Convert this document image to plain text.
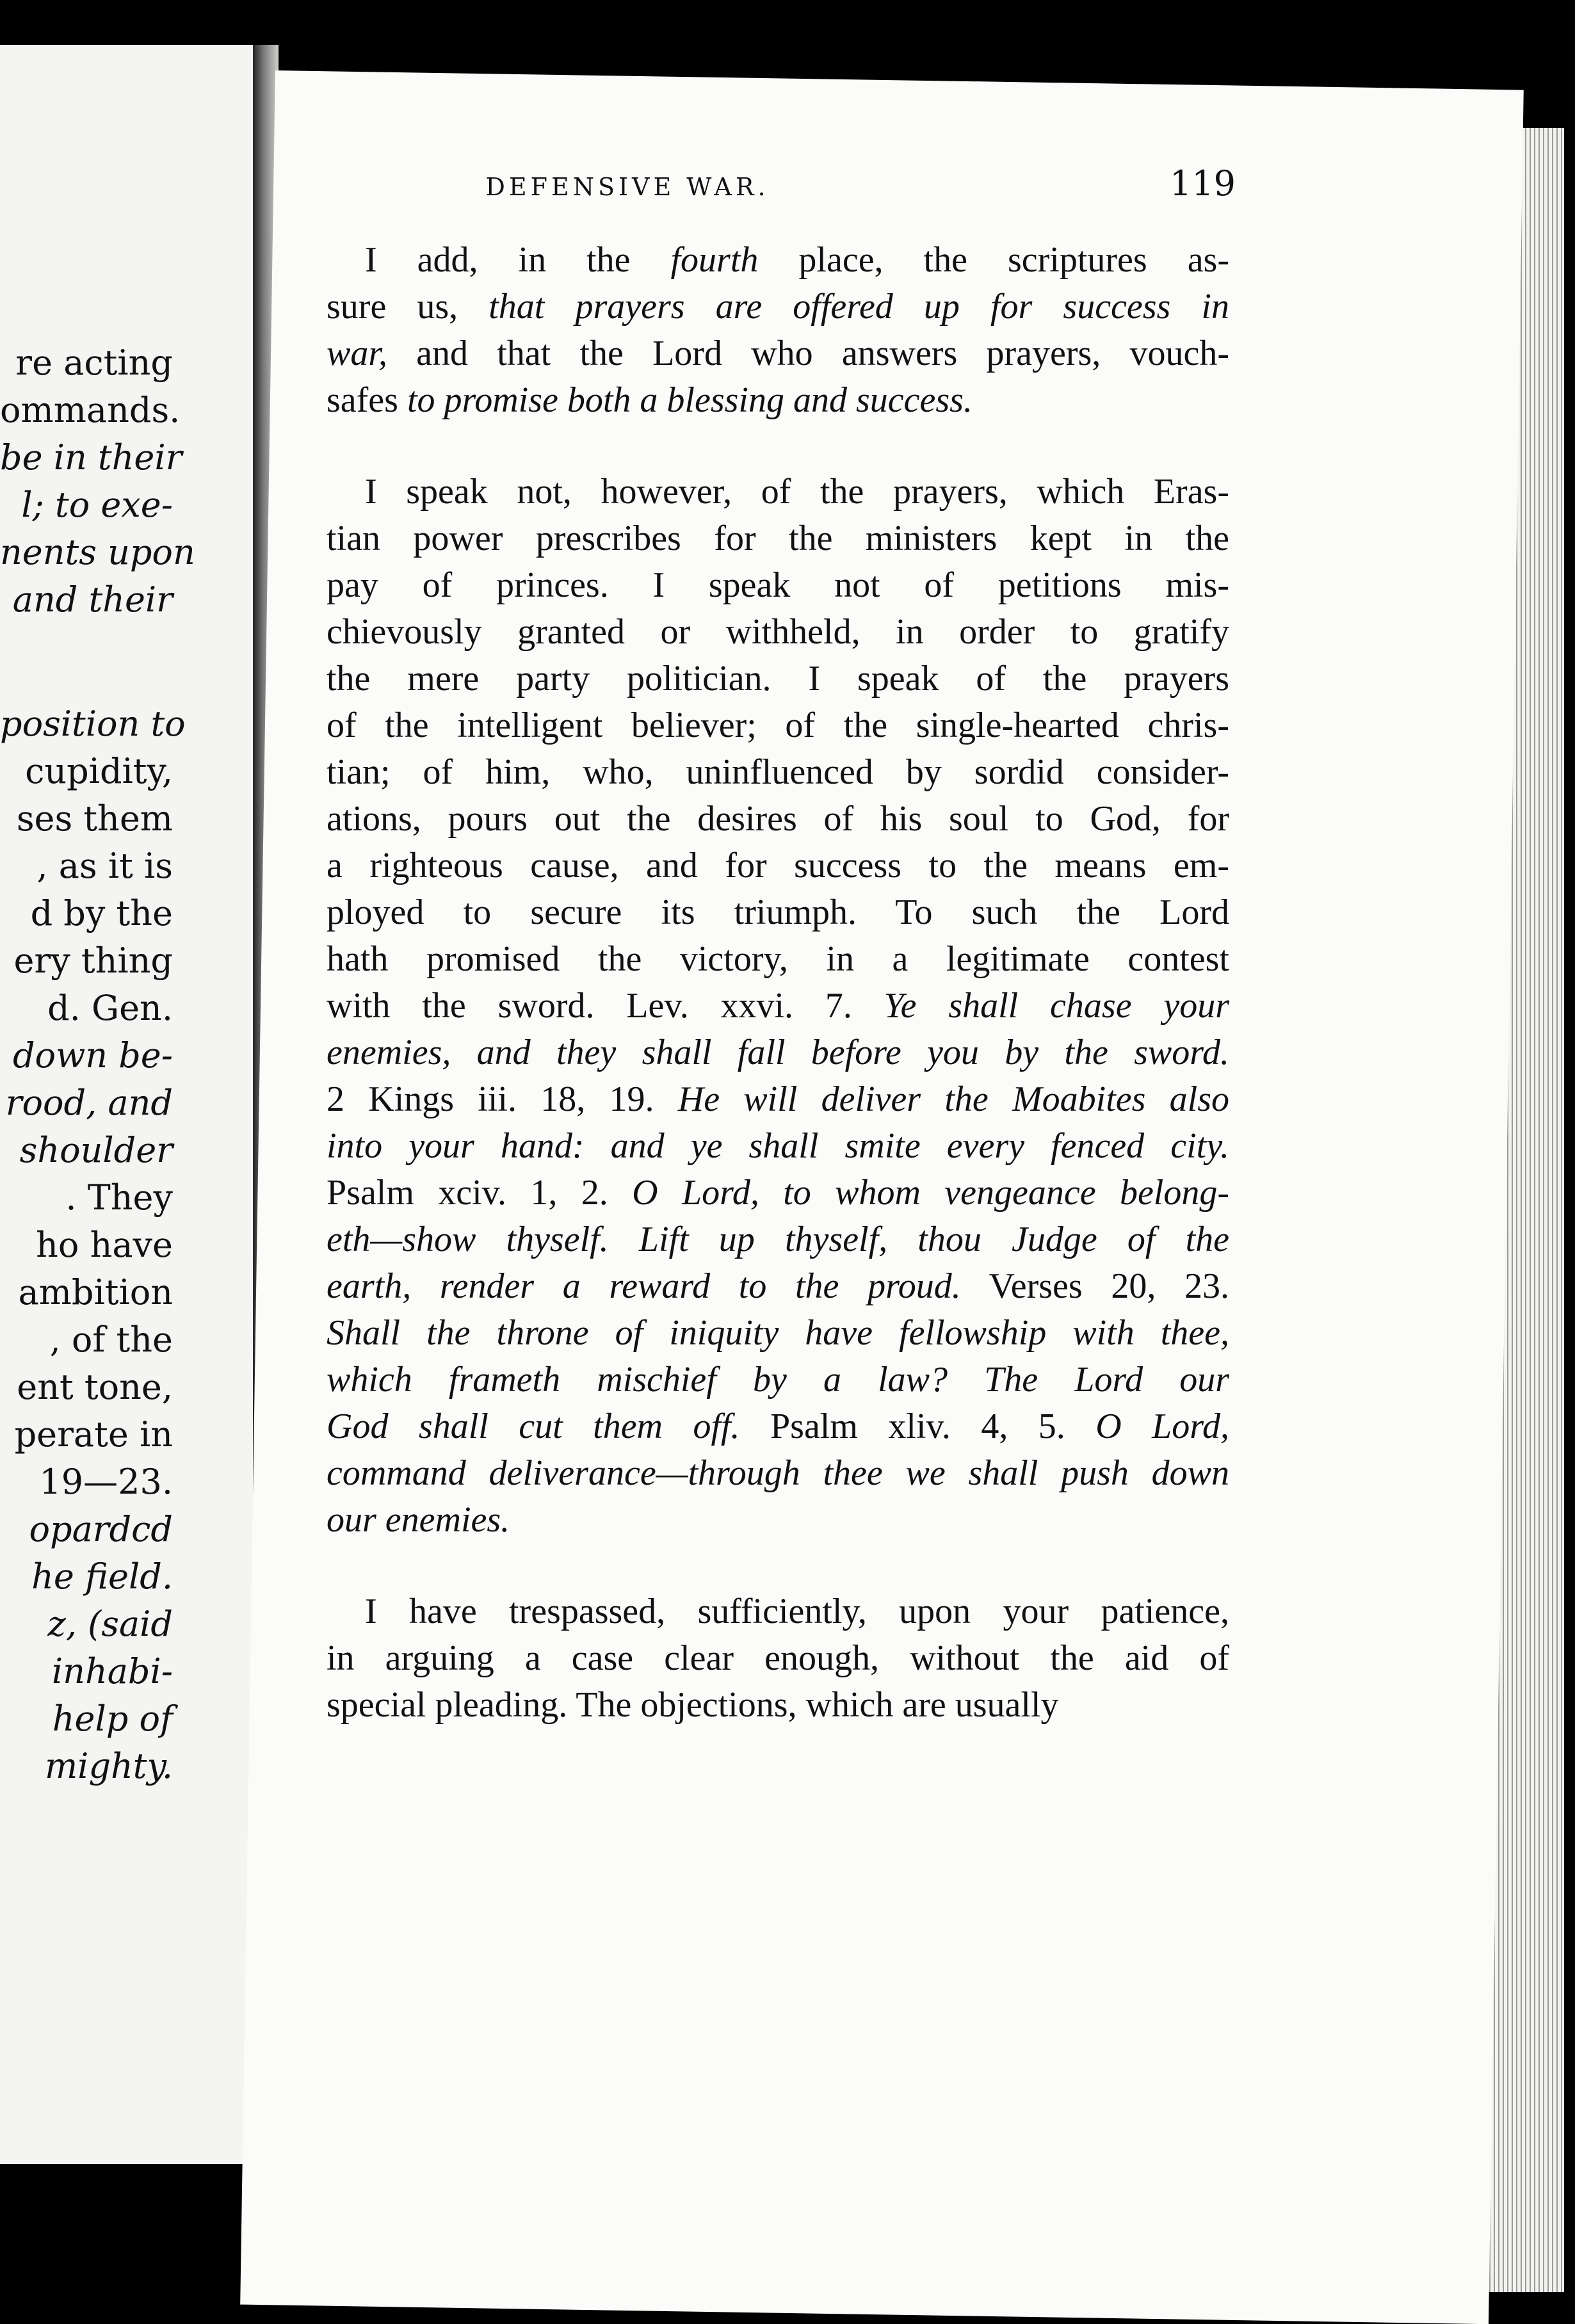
re acting
ommands.
be in their
l; to exe-
nents upon
and their
position to
cupidity,
ses them
, as it is
d by the
ery thing
d. Gen.
down be-
rood, and
shoulder
. They
ho have
ambition
, of the
ent tone,
perate in
19—23.
opardcd
he field.
z, (said
inhabi-
help of
mighty.
DEFENSIVE WAR.	119
I add, in the fourth place, the scriptures as-
sure us, that prayers are offered up for success in
war, and that the Lord who answers prayers, vouch-
safes to promise both a blessing and success.
I speak not, however, of the prayers, which Eras-
tian power prescribes for the ministers kept in the
pay of princes. I speak not of petitions mis-
chievously granted or withheld, in order to gratify
the mere party politician. I speak of the prayers
of the intelligent believer; of the single-hearted chris-
tian; of him, who, uninfluenced by sordid consider-
ations, pours out the desires of his soul to God, for
a righteous cause, and for success to the means em-
ployed to secure its triumph. To such the Lord
hath promised the victory, in a legitimate contest
with the sword. Lev. xxvi. 7. Ye shall chase your
enemies, and they shall fall before you by the sword.
2 Kings iii. 18, 19. He will deliver the Moabites also
into your hand: and ye shall smite every fenced city.
Psalm xciv. 1, 2. O Lord, to whom vengeance belong-
eth—show thyself. Lift up thyself, thou Judge of the
earth, render a reward to the proud. Verses 20, 23.
Shall the throne of iniquity have fellowship with thee,
which frameth mischief by a law? The Lord our
God shall cut them off. Psalm xliv. 4, 5. O Lord,
command deliverance—through thee we shall push down
our enemies.
I have trespassed, sufficiently, upon your patience,
in arguing a case clear enough, without the aid of
special pleading. The objections, which are usually
